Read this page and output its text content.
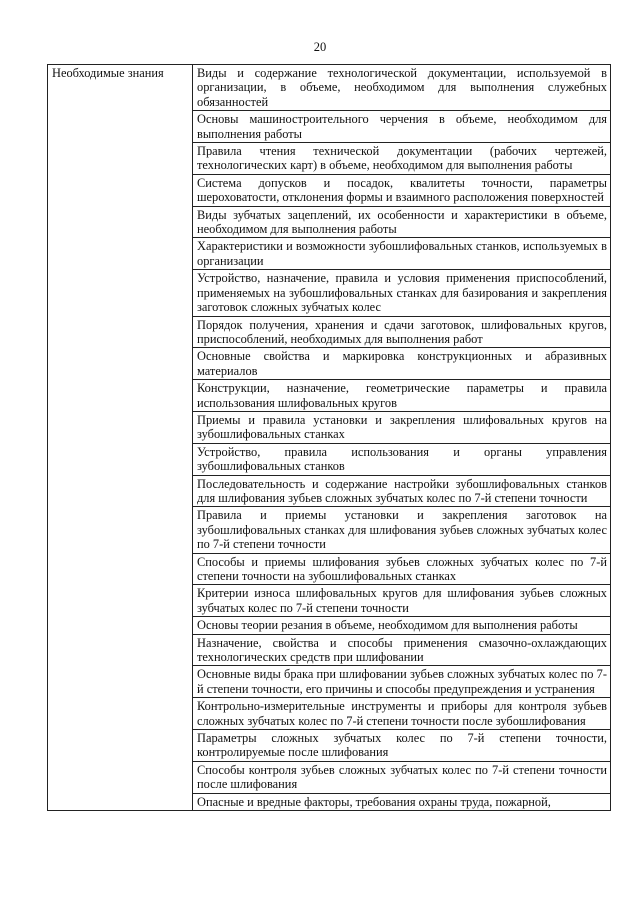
20
Необходимые знания	Виды и содержание технологической документации, используемой в организации, в объеме, необходимом для выполнения служебных обязанностей
Основы машиностроительного черчения в объеме, необходимом для выполнения работы
Правила чтения технической документации (рабочих чертежей, технологических карт) в объеме, необходимом для выполнения работы
Система допусков и посадок, квалитеты точности, параметры шероховатости, отклонения формы и взаимного расположения поверхностей
Виды зубчатых зацеплений, их особенности и характеристики в объеме, необходимом для выполнения работы
Характеристики и возможности зубошлифовальных станков, используемых в организации
Устройство, назначение, правила и условия применения приспособлений, применяемых на зубошлифовальных станках для базирования и закрепления заготовок сложных зубчатых колес
Порядок получения, хранения и сдачи заготовок, шлифовальных кругов, приспособлений, необходимых для выполнения работ
Основные свойства и маркировка конструкционных и абразивных материалов
Конструкции, назначение, геометрические параметры и правила использования шлифовальных кругов
Приемы и правила установки и закрепления шлифовальных кругов на зубошлифовальных станках
Устройство, правила использования и органы управления зубошлифовальных станков
Последовательность и содержание настройки зубошлифовальных станков для шлифования зубьев сложных зубчатых колес по 7-й степени точности
Правила и приемы установки и закрепления заготовок на зубошлифовальных станках для шлифования зубьев сложных зубчатых колес по 7-й степени точности
Способы и приемы шлифования зубьев сложных зубчатых колес по 7-й степени точности на зубошлифовальных станках
Критерии износа шлифовальных кругов для шлифования зубьев сложных зубчатых колес по 7-й степени точности
Основы теории резания в объеме, необходимом для выполнения работы
Назначение, свойства и способы применения смазочно-охлаждающих технологических средств при шлифовании
Основные виды брака при шлифовании зубьев сложных зубчатых колес по 7-й степени точности, его причины и способы предупреждения и устранения
Контрольно-измерительные инструменты и приборы для контроля зубьев сложных зубчатых колес по 7-й степени точности после зубошлифования
Параметры сложных зубчатых колес по 7-й степени точности, контролируемые после шлифования
Способы контроля зубьев сложных зубчатых колес по 7-й степени точности после шлифования
Опасные и вредные факторы, требования охраны труда, пожарной,
